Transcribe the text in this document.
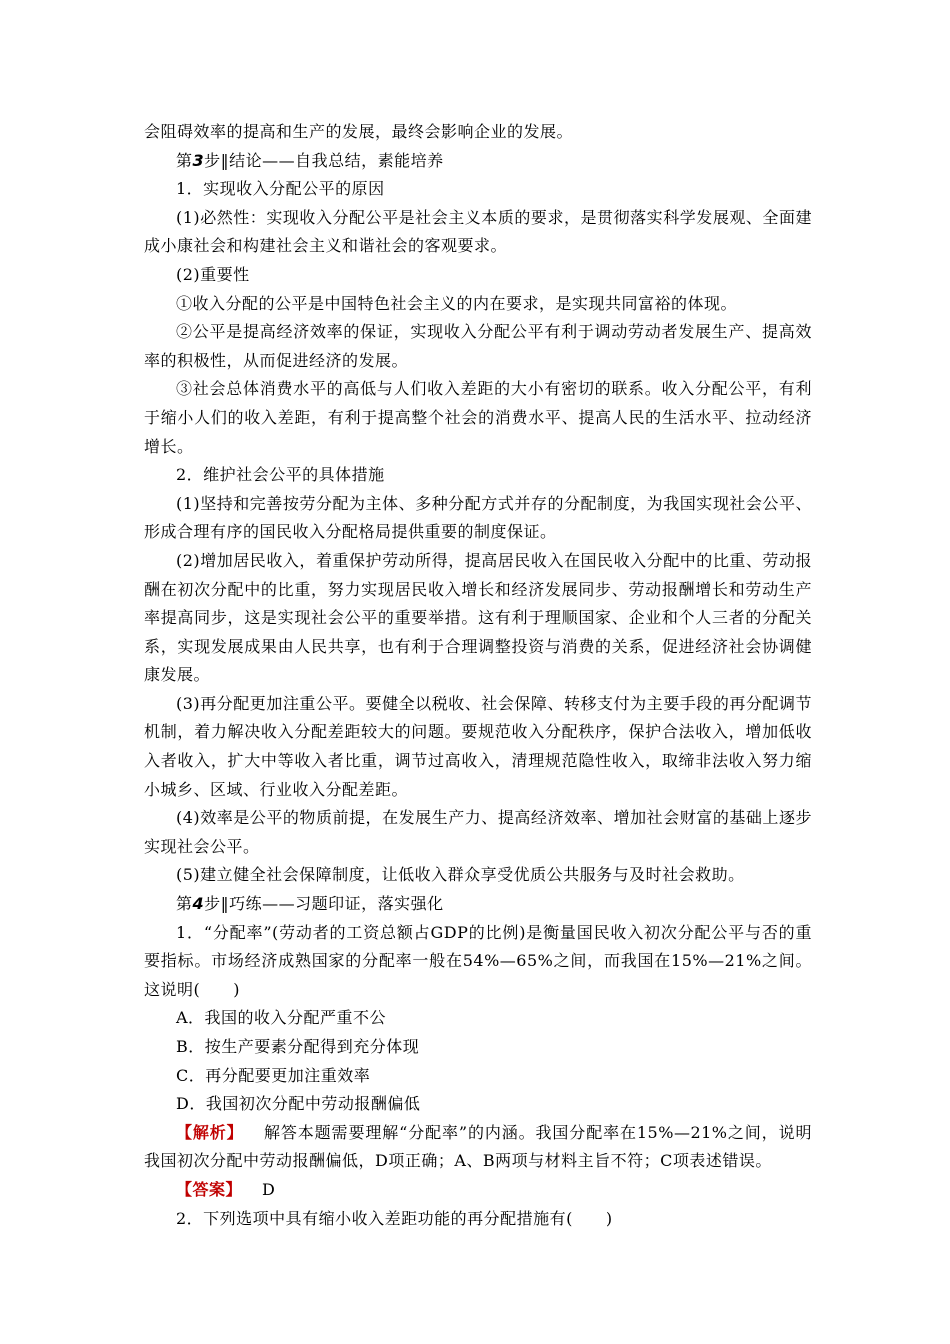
会阻碍效率的提高和生产的发展，最终会影响企业的发展。

第3步‖结论——自我总结，素能培养

1．实现收入分配公平的原因

(1)必然性：实现收入分配公平是社会主义本质的要求，是贯彻落实科学发展观、全面建成小康社会和构建社会主义和谐社会的客观要求。

(2)重要性

①收入分配的公平是中国特色社会主义的内在要求，是实现共同富裕的体现。

②公平是提高经济效率的保证，实现收入分配公平有利于调动劳动者发展生产、提高效率的积极性，从而促进经济的发展。

③社会总体消费水平的高低与人们收入差距的大小有密切的联系。收入分配公平，有利于缩小人们的收入差距，有利于提高整个社会的消费水平、提高人民的生活水平、拉动经济增长。

2．维护社会公平的具体措施

(1)坚持和完善按劳分配为主体、多种分配方式并存的分配制度，为我国实现社会公平、形成合理有序的国民收入分配格局提供重要的制度保证。

(2)增加居民收入，着重保护劳动所得，提高居民收入在国民收入分配中的比重、劳动报酬在初次分配中的比重，努力实现居民收入增长和经济发展同步、劳动报酬增长和劳动生产率提高同步，这是实现社会公平的重要举措。这有利于理顺国家、企业和个人三者的分配关系，实现发展成果由人民共享，也有利于合理调整投资与消费的关系，促进经济社会协调健康发展。

(3)再分配更加注重公平。要健全以税收、社会保障、转移支付为主要手段的再分配调节机制，着力解决收入分配差距较大的问题。要规范收入分配秩序，保护合法收入，增加低收入者收入，扩大中等收入者比重，调节过高收入，清理规范隐性收入，取缔非法收入努力缩小城乡、区域、行业收入分配差距。

(4)效率是公平的物质前提，在发展生产力、提高经济效率、增加社会财富的基础上逐步实现社会公平。

(5)建立健全社会保障制度，让低收入群众享受优质公共服务与及时社会救助。

第4步‖巧练——习题印证，落实强化

1．“分配率”(劳动者的工资总额占GDP的比例)是衡量国民收入初次分配公平与否的重要指标。市场经济成熟国家的分配率一般在54%—65%之间，而我国在15%—21%之间。这说明(　　)

A．我国的收入分配严重不公

B．按生产要素分配得到充分体现

C．再分配要更加注重效率

D．我国初次分配中劳动报酬偏低

【解析】 解答本题需要理解“分配率”的内涵。我国分配率在15%—21%之间，说明我国初次分配中劳动报酬偏低，D项正确；A、B两项与材料主旨不符；C项表述错误。

【答案】 D

2．下列选项中具有缩小收入差距功能的再分配措施有(　　)
